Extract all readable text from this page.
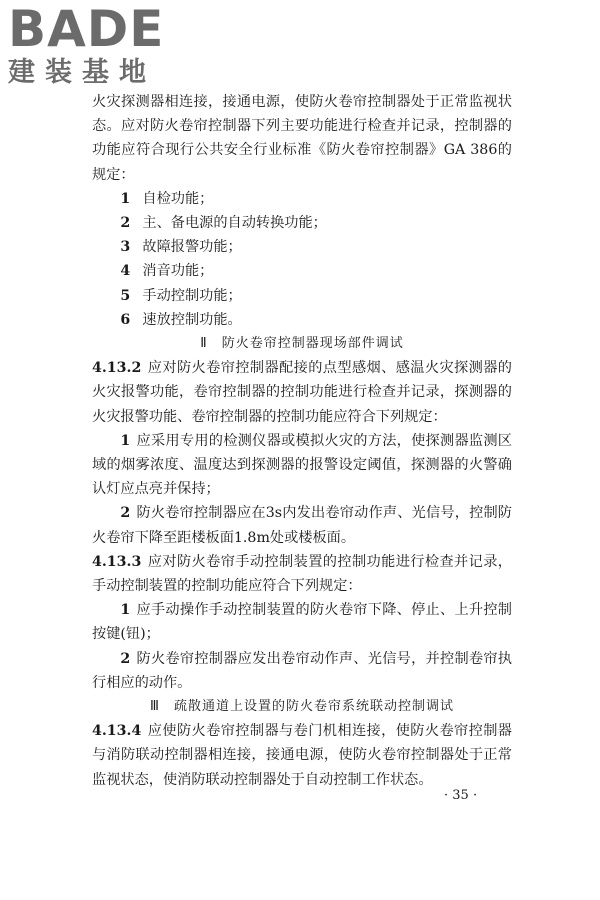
BADE
建装基地

火灾探测器相连接，接通电源，使防火卷帘控制器处于正常监视状态。应对防火卷帘控制器下列主要功能进行检查并记录，控制器的功能应符合现行公共安全行业标准《防火卷帘控制器》GA 386的规定：

1 自检功能；

2 主、备电源的自动转换功能；

3 故障报警功能；

4 消音功能；

5 手动控制功能；

6 速放控制功能。

Ⅱ 防火卷帘控制器现场部件调试

4.13.2 应对防火卷帘控制器配接的点型感烟、感温火灾探测器的火灾报警功能，卷帘控制器的控制功能进行检查并记录，探测器的火灾报警功能、卷帘控制器的控制功能应符合下列规定：

1 应采用专用的检测仪器或模拟火灾的方法，使探测器监测区域的烟雾浓度、温度达到探测器的报警设定阈值，探测器的火警确认灯应点亮并保持；

2 防火卷帘控制器应在3s内发出卷帘动作声、光信号，控制防火卷帘下降至距楼板面1.8m处或楼板面。

4.13.3 应对防火卷帘手动控制装置的控制功能进行检查并记录，手动控制装置的控制功能应符合下列规定：

1 应手动操作手动控制装置的防火卷帘下降、停止、上升控制按键(钮)；

2 防火卷帘控制器应发出卷帘动作声、光信号，并控制卷帘执行相应的动作。

Ⅲ 疏散通道上设置的防火卷帘系统联动控制调试

4.13.4 应使防火卷帘控制器与卷门机相连接，使防火卷帘控制器与消防联动控制器相连接，接通电源，使防火卷帘控制器处于正常监视状态，使消防联动控制器处于自动控制工作状态。

· 35 ·
